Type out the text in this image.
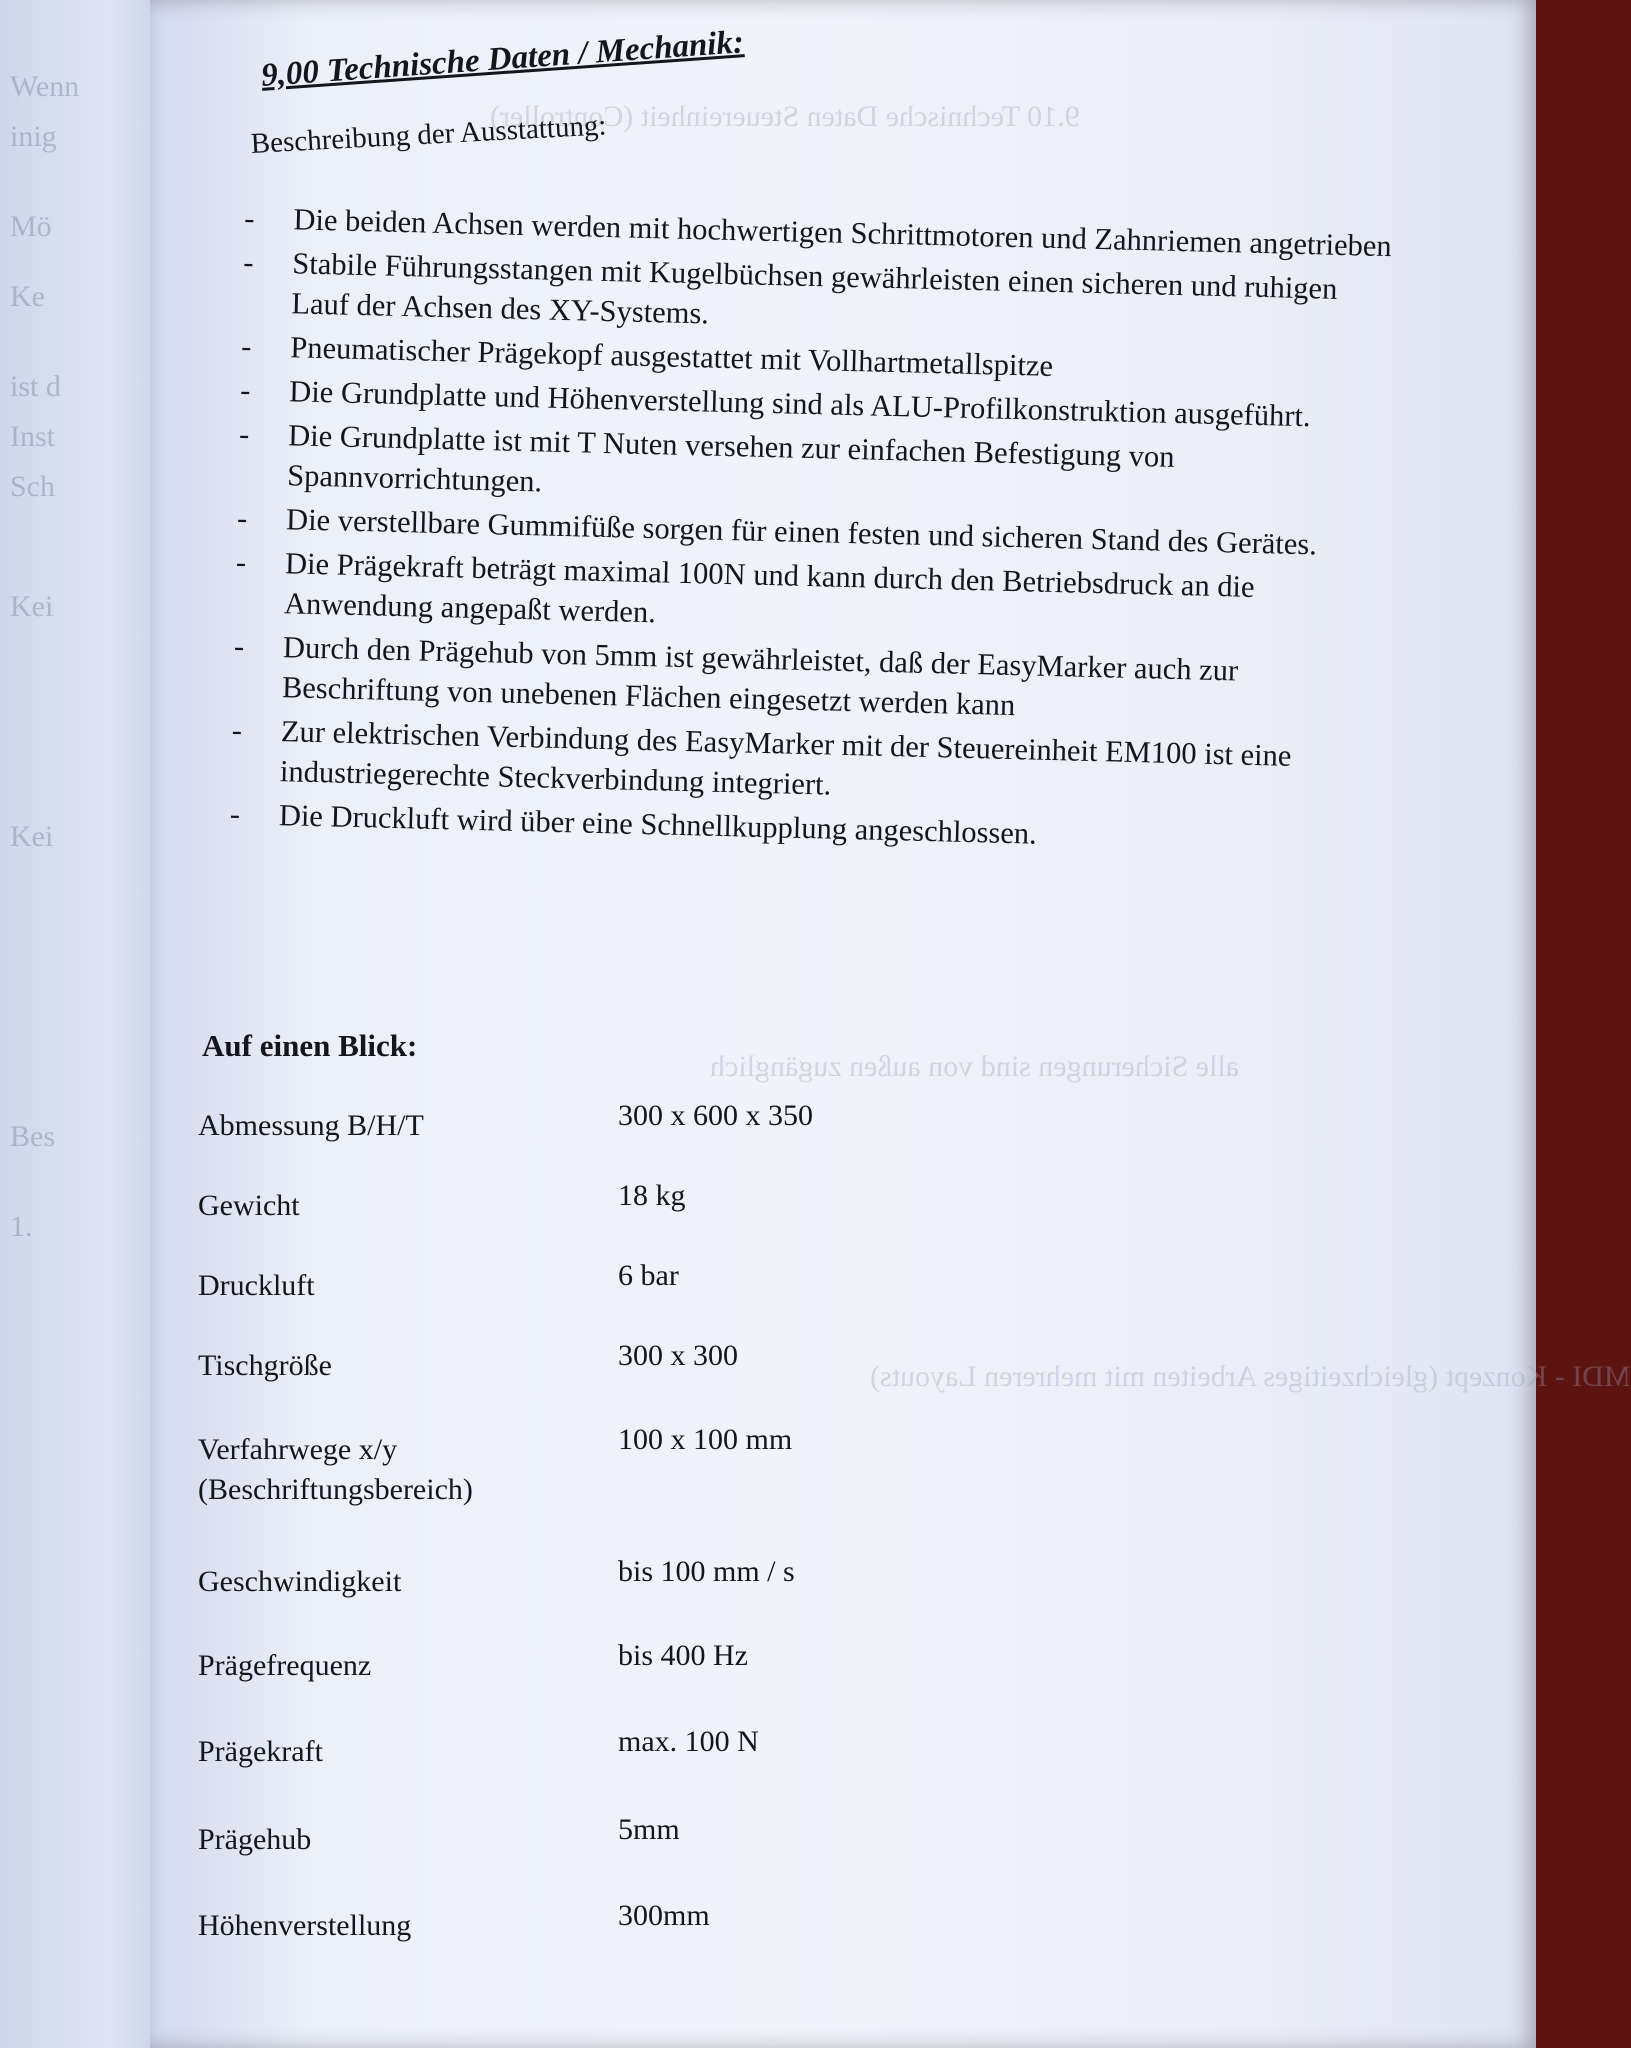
Wenn
inig
Mö
Ke
ist d
Inst
Sch
Kei
Kei
Bes
1.
9.10 Technische Daten Steuereinheit (Controller)
alle Sicherungen sind von außen zugänglich
MDI - Konzept (gleichzeitiges Arbeiten mit mehreren Layouts)
9,00 Technische Daten / Mechanik:
Beschreibung der Ausstattung:
- Die beiden Achsen werden mit hochwertigen Schrittmotoren und Zahnriemen angetrieben
- Stabile Führungsstangen mit Kugelbüchsen gewährleisten einen sicheren und ruhigen Lauf der Achsen des XY-Systems.
- Pneumatischer Prägekopf ausgestattet mit Vollhartmetallspitze
- Die Grundplatte und Höhenverstellung sind als ALU-Profilkonstruktion ausgeführt.
- Die Grundplatte ist mit T Nuten versehen zur einfachen Befestigung von Spannvorrichtungen.
- Die verstellbare Gummifüße sorgen für einen festen und sicheren Stand des Gerätes.
- Die Prägekraft beträgt maximal 100N und kann durch den Betriebsdruck an die Anwendung angepaßt werden.
- Durch den Prägehub von 5mm ist gewährleistet, daß der EasyMarker auch zur Beschriftung von unebenen Flächen eingesetzt werden kann
- Zur elektrischen Verbindung des EasyMarker mit der Steuereinheit EM100 ist eine industriegerechte Steckverbindung integriert.
- Die Druckluft wird über eine Schnellkupplung angeschlossen.
Auf einen Blick:
Abmessung B/H/T	300 x 600 x 350
Gewicht	18 kg
Druckluft	6 bar
Tischgröße	300 x 300
Verfahrwege x/y (Beschriftungsbereich)
100 x 100 mm
Geschwindigkeit	bis 100 mm / s
Prägefrequenz	bis 400 Hz
Prägekraft	max. 100 N
Prägehub	5mm
Höhenverstellung	300mm
